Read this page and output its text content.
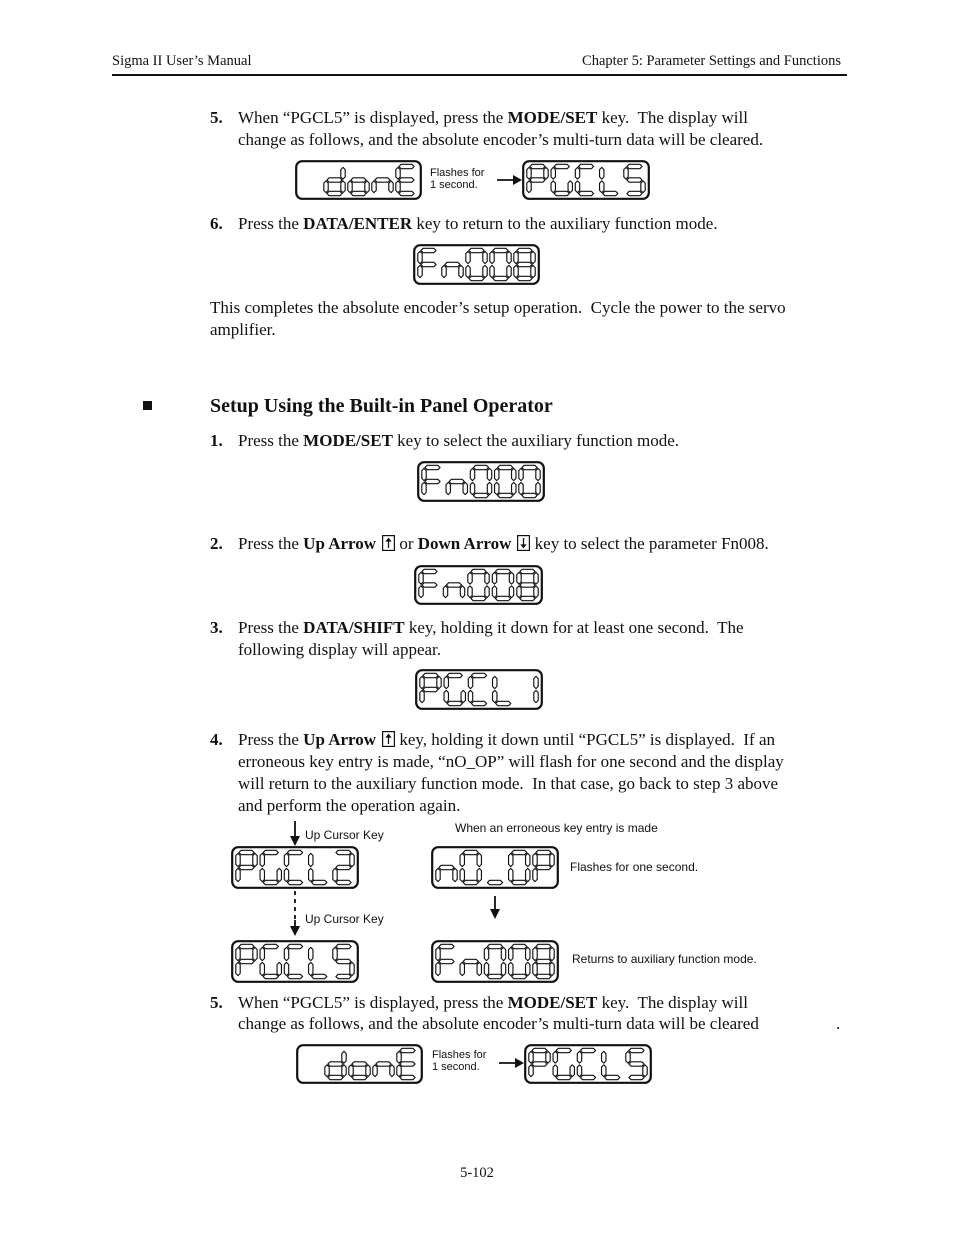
Sigma II User’s Manual	Chapter 5: Parameter Settings and Functions
5. When “PGCL5” is displayed, press the MODE/SET key.  The display will
change as follows, and the absolute encoder’s multi-turn data will be cleared.
Flashes for
1 second.
6. Press the DATA/ENTER key to return to the auxiliary function mode.
This completes the absolute encoder’s setup operation.  Cycle the power to the servo
amplifier.
Setup Using the Built-in Panel Operator
1. Press the MODE/SET key to select the auxiliary function mode.
2. Press the Up Arrow or Down Arrow key to select the parameter Fn008.
3. Press the DATA/SHIFT key, holding it down for at least one second.  The
following display will appear.
4. Press the Up Arrow key, holding it down until “PGCL5” is displayed.  If an
erroneous key entry is made, “nO_OP” will flash for one second and the display
will return to the auxiliary function mode.  In that case, go back to step 3 above
and perform the operation again.
Up Cursor Key	When an erroneous key entry is made
Flashes for one second.
Up Cursor Key
Returns to auxiliary function mode.
5. When “PGCL5” is displayed, press the MODE/SET key.  The display will
change as follows, and the absolute encoder’s multi-turn data will be cleared	.
Flashes for
1 second.
5-102
